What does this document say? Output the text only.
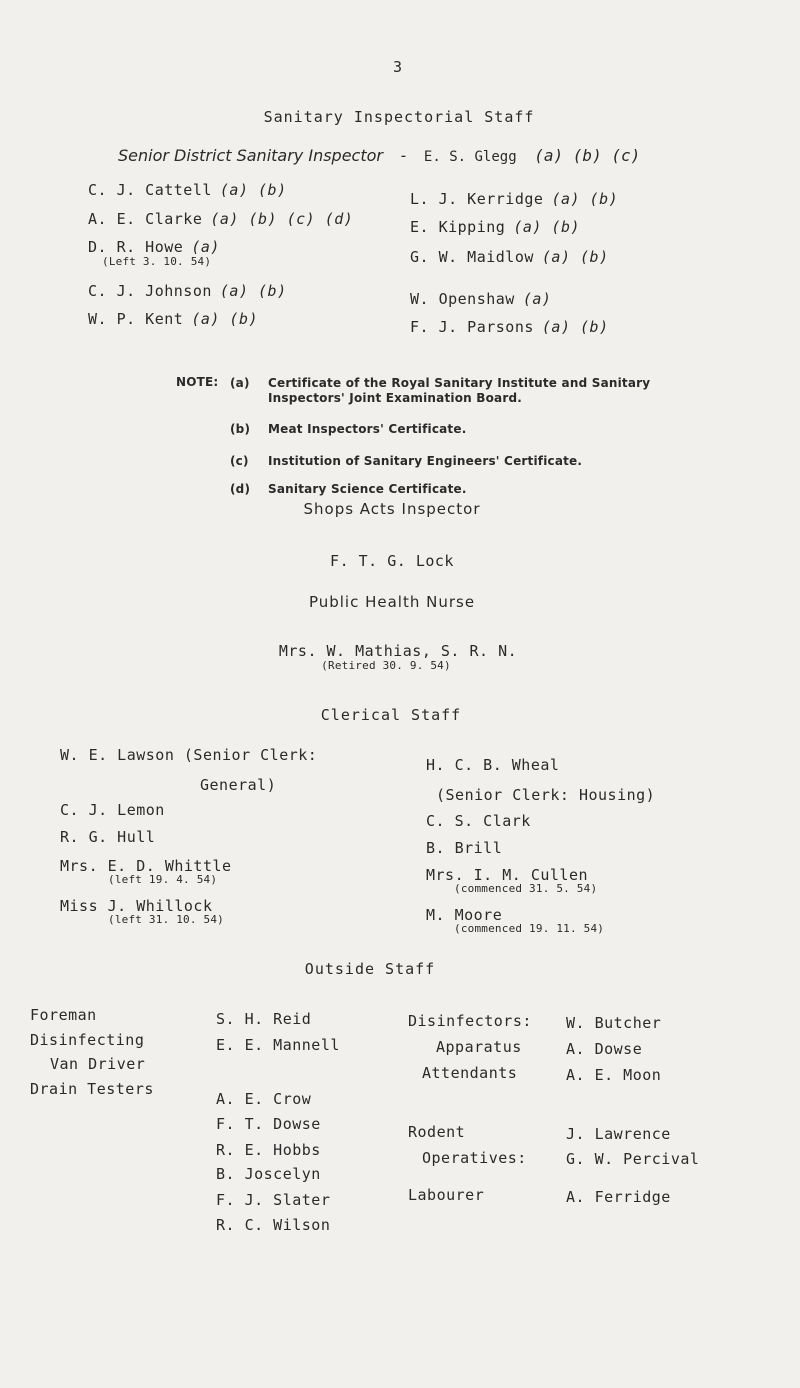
3
Sanitary Inspectorial Staff
Senior District Sanitary Inspector - E. S. Glegg (a) (b) (c)
C. J. Cattell (a) (b)
A. E. Clarke (a) (b) (c) (d)
D. R. Howe (a)
(Left 3. 10. 54)
C. J. Johnson (a) (b)
W. P. Kent (a) (b)
L. J. Kerridge (a) (b)
E. Kipping (a) (b)
G. W. Maidlow (a) (b)
W. Openshaw (a)
F. J. Parsons (a) (b)
NOTE: (a) Certificate of the Royal Sanitary Institute and Sanitary
Inspectors' Joint Examination Board.
(b) Meat Inspectors' Certificate.
(c) Institution of Sanitary Engineers' Certificate.
(d) Sanitary Science Certificate.
Shops Acts Inspector
F. T. G. Lock
Public Health Nurse
Mrs. W. Mathias, S. R. N.
(Retired 30. 9. 54)
Clerical Staff
W. E. Lawson (Senior Clerk:
General)
C. J. Lemon
R. G. Hull
Mrs. E. D. Whittle
(left 19. 4. 54)
Miss J. Whillock
(left 31. 10. 54)
H. C. B. Wheal
(Senior Clerk: Housing)
C. S. Clark
B. Brill
Mrs. I. M. Cullen
(commenced 31. 5. 54)
M. Moore
(commenced 19. 11. 54)
Outside Staff
Foreman	S. H. Reid
Disinfecting
Van Driver
E. E. Mannell
Drain Testers
A. E. Crow
F. T. Dowse
R. E. Hobbs
B. Joscelyn
F. J. Slater
R. C. Wilson
Disinfectors:
Apparatus
Attendants
W. Butcher
A. Dowse
A. E. Moon
Rodent
Operatives:
J. Lawrence
G. W. Percival
Labourer	A. Ferridge
